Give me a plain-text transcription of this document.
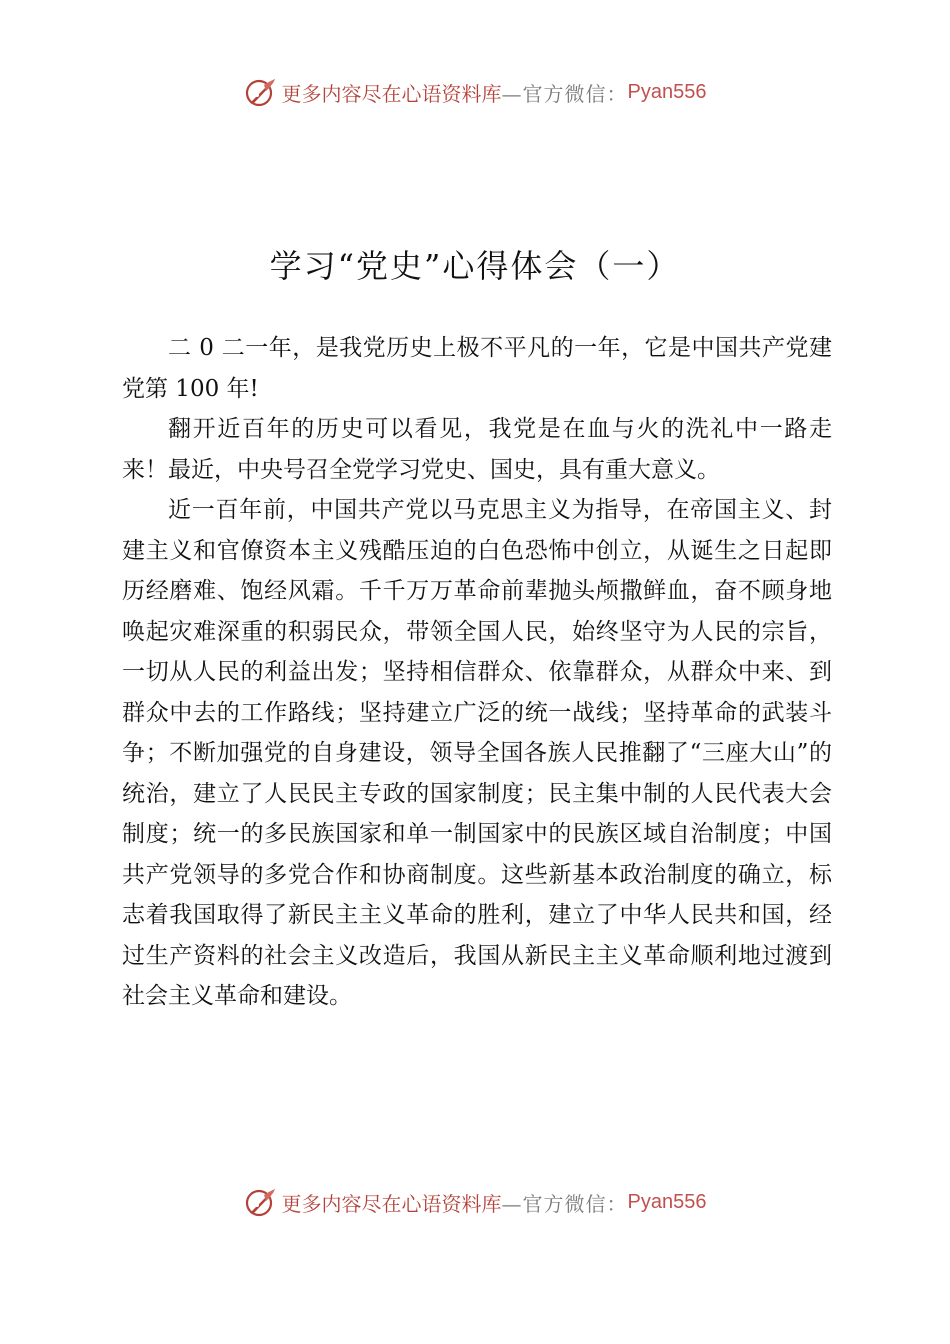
更多内容尽在心语资料库 —官方微信： Pyan556
学习“党史”心得体会（一）

二 0 二一年，是我党历史上极不平凡的一年，它是中国共产党建党第 100 年!

翻开近百年的历史可以看见，我党是在血与火的洗礼中一路走来！最近，中央号召全党学习党史、国史，具有重大意义。

近一百年前，中国共产党以马克思主义为指导，在帝国主义、封建主义和官僚资本主义残酷压迫的白色恐怖中创立，从诞生之日起即历经磨难、饱经风霜。千千万万革命前辈抛头颅撒鲜血，奋不顾身地唤起灾难深重的积弱民众，带领全国人民，始终坚守为人民的宗旨，一切从人民的利益出发；坚持相信群众、依靠群众，从群众中来、到群众中去的工作路线；坚持建立广泛的统一战线；坚持革命的武装斗争；不断加强党的自身建设，领导全国各族人民推翻了“三座大山”的统治，建立了人民民主专政的国家制度；民主集中制的人民代表大会制度；统一的多民族国家和单一制国家中的民族区域自治制度；中国共产党领导的多党合作和协商制度。这些新基本政治制度的确立，标志着我国取得了新民主主义革命的胜利，建立了中华人民共和国，经过生产资料的社会主义改造后，我国从新民主主义革命顺利地过渡到社会主义革命和建设。

更多内容尽在心语资料库 —官方微信： Pyan556
